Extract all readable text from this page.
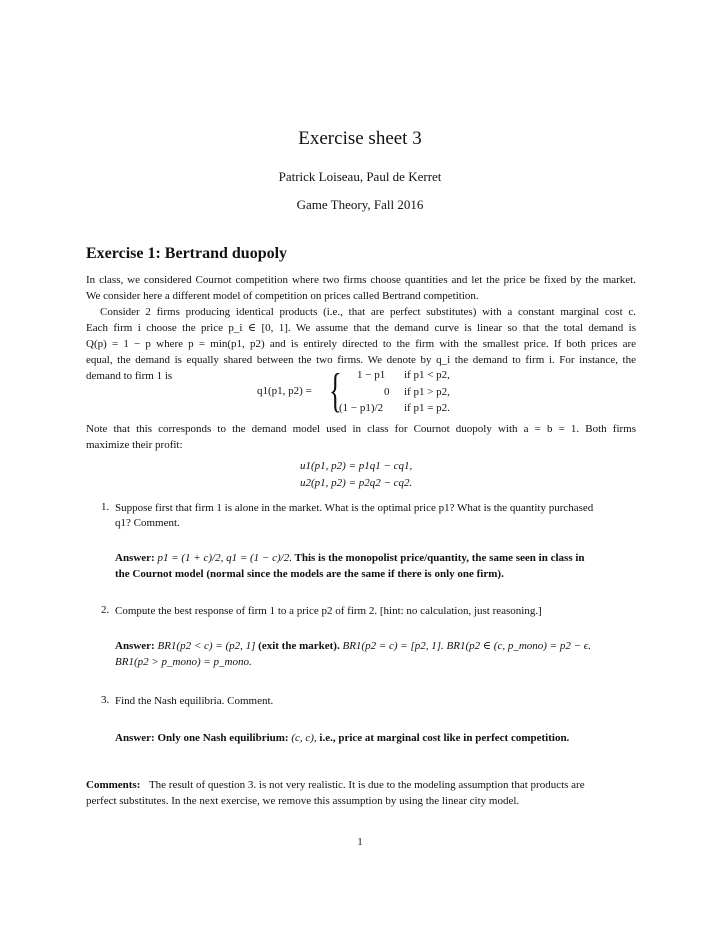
Exercise sheet 3
Patrick Loiseau, Paul de Kerret
Game Theory, Fall 2016
Exercise 1: Bertrand duopoly
In class, we considered Cournot competition where two firms choose quantities and let the price be fixed by the market.
We consider here a different model of competition on prices called Bertrand competition.
Consider 2 firms producing identical products (i.e., that are perfect substitutes) with a constant marginal cost c.
Each firm i choose the price p_i ∈ [0, 1]. We assume that the demand curve is linear so that the total demand is
Q(p) = 1 − p where p = min(p1, p2) and is entirely directed to the firm with the smallest price. If both prices are
equal, the demand is equally shared between the two firms. We denote by q_i the demand to firm i. For instance, the
demand to firm 1 is
q1(p1, p2) = { 1 − p1 if p1 < p2,
0 if p1 > p2,
(1 − p1)/2 if p1 = p2.
Note that this corresponds to the demand model used in class for Cournot duopoly with a = b = 1. Both firms
maximize their profit:
u1(p1, p2) = p1q1 − cq1,
u2(p1, p2) = p2q2 − cq2.
1. Suppose first that firm 1 is alone in the market. What is the optimal price p1? What is the quantity purchased
q1? Comment.
Answer: p1 = (1 + c)/2, q1 = (1 − c)/2. This is the monopolist price/quantity, the same seen in class in
the Cournot model (normal since the models are the same if there is only one firm).
2. Compute the best response of firm 1 to a price p2 of firm 2. [hint: no calculation, just reasoning.]
Answer: BR1(p2 < c) = (p2, 1] (exit the market). BR1(p2 = c) = [p2, 1]. BR1(p2 ∈ (c, p_mono) = p2 − ϵ.
BR1(p2 > p_mono) = p_mono.
3. Find the Nash equilibria. Comment.
Answer: Only one Nash equilibrium: (c, c), i.e., price at marginal cost like in perfect competition.
Comments: The result of question 3. is not very realistic. It is due to the modeling assumption that products are
perfect substitutes. In the next exercise, we remove this assumption by using the linear city model.
1
